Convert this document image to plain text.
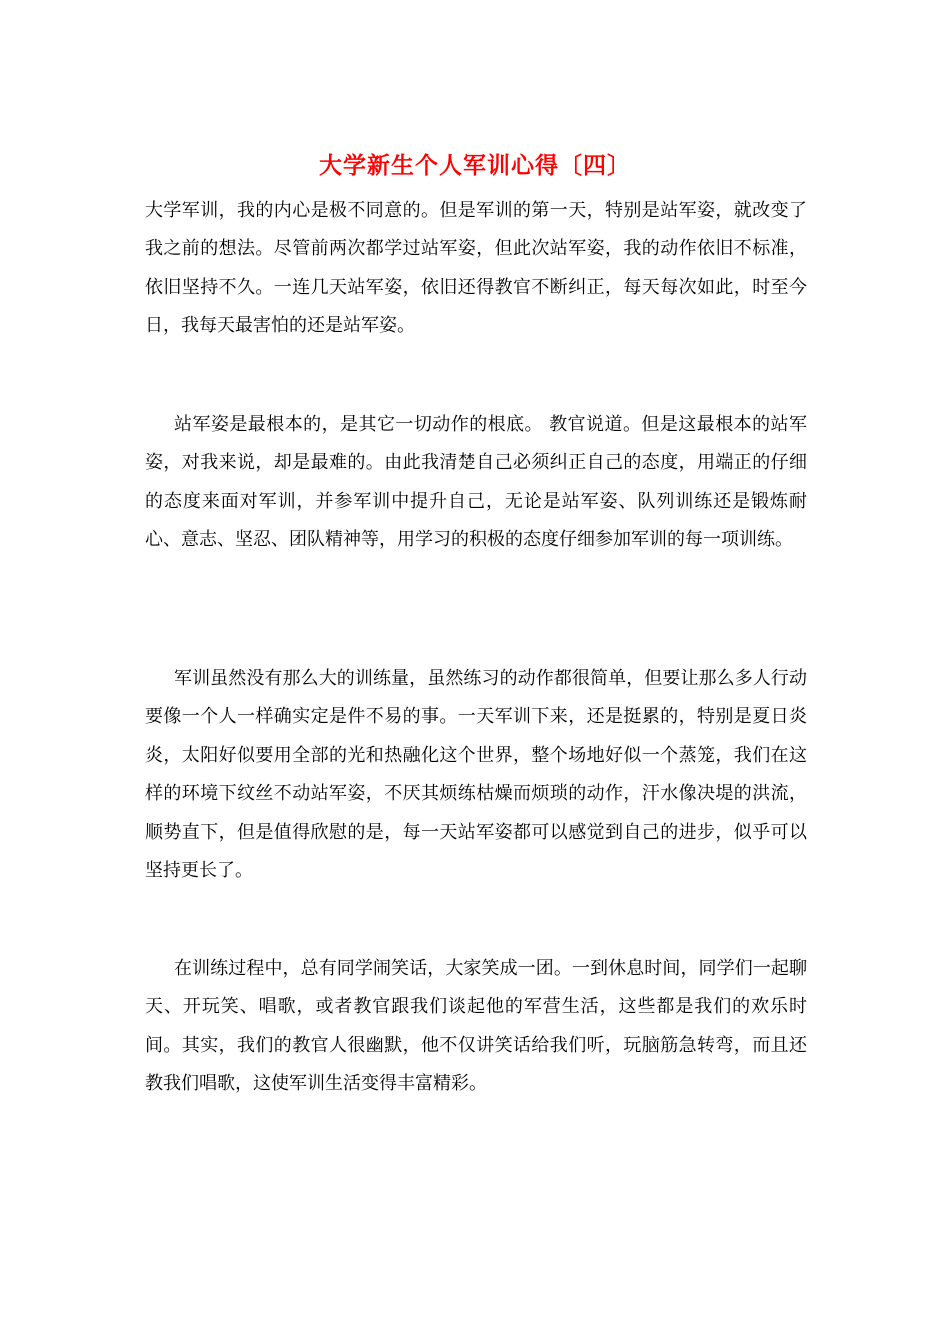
大学新生个人军训心得〔四〕

大学军训，我的内心是极不同意的。但是军训的第一天，特别是站军姿，就改变了我之前的想法。尽管前两次都学过站军姿，但此次站军姿，我的动作依旧不标准，依旧坚持不久。一连几天站军姿，依旧还得教官不断纠正，每天每次如此，时至今日，我每天最害怕的还是站军姿。

站军姿是最根本的，是其它一切动作的根底。 教官说道。但是这最根本的站军姿，对我来说，却是最难的。由此我清楚自己必须纠正自己的态度，用端正的仔细的态度来面对军训，并参军训中提升自己，无论是站军姿、队列训练还是锻炼耐心、意志、坚忍、团队精神等，用学习的积极的态度仔细参加军训的每一项训练。

军训虽然没有那么大的训练量，虽然练习的动作都很简单，但要让那么多人行动要像一个人一样确实定是件不易的事。一天军训下来，还是挺累的，特别是夏日炎炎，太阳好似要用全部的光和热融化这个世界，整个场地好似一个蒸笼，我们在这样的环境下纹丝不动站军姿，不厌其烦练枯燥而烦琐的动作，汗水像决堤的洪流，顺势直下，但是值得欣慰的是，每一天站军姿都可以感觉到自己的进步，似乎可以坚持更长了。

在训练过程中，总有同学闹笑话，大家笑成一团。一到休息时间，同学们一起聊天、开玩笑、唱歌，或者教官跟我们谈起他的军营生活，这些都是我们的欢乐时间。其实，我们的教官人很幽默，他不仅讲笑话给我们听，玩脑筋急转弯，而且还教我们唱歌，这使军训生活变得丰富精彩。
